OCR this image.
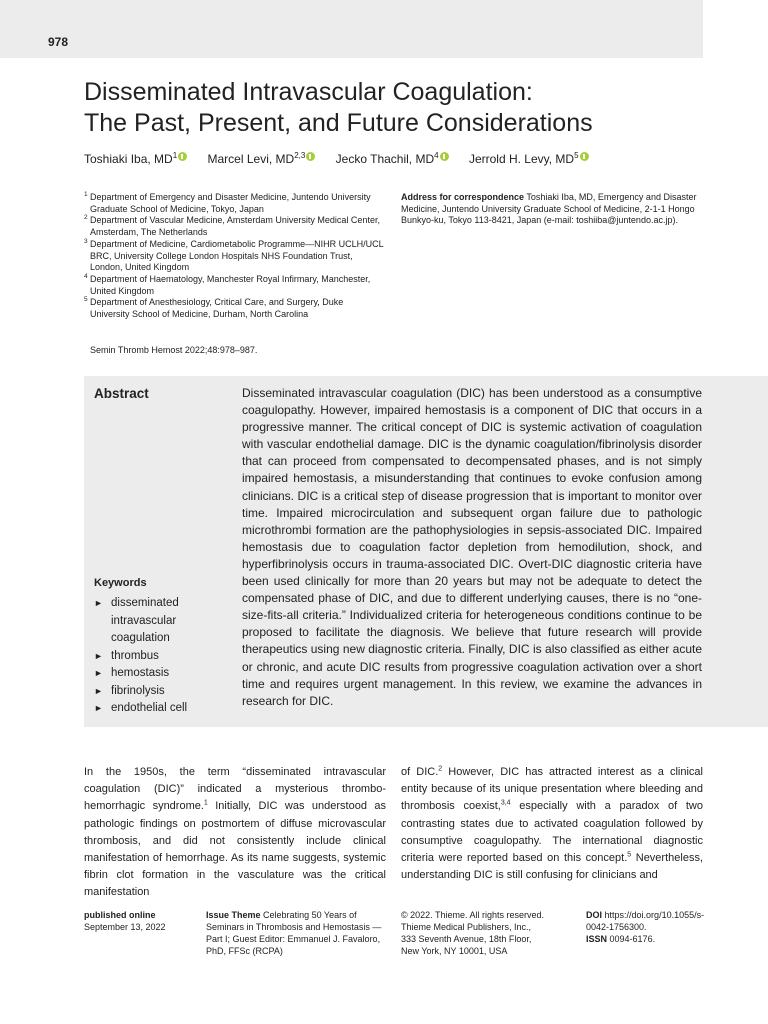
978
Disseminated Intravascular Coagulation:
The Past, Present, and Future Considerations
Toshiaki Iba, $MD^1$	Marcel Levi, MD$^{2,3}$	Jecko Thachil, $MD^4$	Jerrold H. Levy, $MD^5$
1 Department of Emergency and Disaster Medicine, Juntendo University Graduate School of Medicine, Tokyo, Japan
2 Department of Vascular Medicine, Amsterdam University Medical Center, Amsterdam, The Netherlands
3 Department of Medicine, Cardiometabolic Programme—NIHR UCLH/UCL BRC, University College London Hospitals NHS Foundation Trust, London, United Kingdom
4 Department of Haematology, Manchester Royal Infirmary, Manchester, United Kingdom
5 Department of Anesthesiology, Critical Care, and Surgery, Duke University School of Medicine, Durham, North Carolina
Address for correspondence Toshiaki Iba, MD, Emergency and Disaster Medicine, Juntendo University Graduate School of Medicine, 2-1-1 Hongo Bunkyo-ku, Tokyo 113-8421, Japan (e-mail: toshiiba@juntendo.ac.jp).
Semin Thromb Hemost 2022;48:978–987.
Abstract	Disseminated intravascular coagulation (DIC) has been understood as a consumptive coagulopathy. However, impaired hemostasis is a component of DIC that occurs in a progressive manner. The critical concept of DIC is systemic activation of coagulation with vascular endothelial damage. DIC is the dynamic coagulation/fibrinolysis disorder that can proceed from compensated to decompensated phases, and is not simply impaired hemostasis, a misunderstanding that continues to evoke confusion among clinicians. DIC is a critical step of disease progression that is important to monitor over time. Impaired microcirculation and subsequent organ failure due to pathologic microthrombi formation are the pathophysiologies in sepsis-associated DIC. Impaired hemostasis due to coagulation factor depletion from hemodilution, shock, and hyperfibrinolysis occurs in trauma-associated DIC. Overt-DIC diagnostic criteria have been used clinically for more than 20 years but may not be adequate to detect the compensated phase of DIC, and due to different underlying causes, there is no “one-size-fits-all criteria.” Individualized criteria for heterogeneous conditions continue to be proposed to facilitate the diagnosis. We believe that future research will provide therapeutics using new diagnostic criteria. Finally, DIC is also classified as either acute or chronic, and acute DIC results from progressive coagulation activation over a short time and requires urgent management. In this review, we examine the advances in research for DIC.
Keywords
► disseminated intravascular coagulation
► thrombus
► hemostasis
► fibrinolysis
► endothelial cell
In the 1950s, the term “disseminated intravascular coagulation (DIC)” indicated a mysterious thrombo-hemorrhagic syndrome.$^1$ Initially, DIC was understood as pathologic findings on postmortem of diffuse microvascular thrombosis, and did not consistently include clinical manifestation of hemorrhage. As its name suggests, systemic fibrin clot formation in the vasculature was the critical manifestation
of DIC.$^2$ However, DIC has attracted interest as a clinical entity because of its unique presentation where bleeding and thrombosis coexist,$^{3,4}$ especially with a paradox of two contrasting states due to activated coagulation followed by consumptive coagulopathy. The international diagnostic criteria were reported based on this concept.$^5$ Nevertheless, understanding DIC is still confusing for clinicians and
published online
September 13, 2022
Issue Theme Celebrating 50 Years of Seminars in Thrombosis and Hemostasis —Part I; Guest Editor: Emmanuel J. Favaloro, PhD, FFSc (RCPA)
© 2022. Thieme. All rights reserved.
Thieme Medical Publishers, Inc.,
333 Seventh Avenue, 18th Floor,
New York, NY 10001, USA
DOI https://doi.org/10.1055/s-0042-1756300.
ISSN 0094-6176.
